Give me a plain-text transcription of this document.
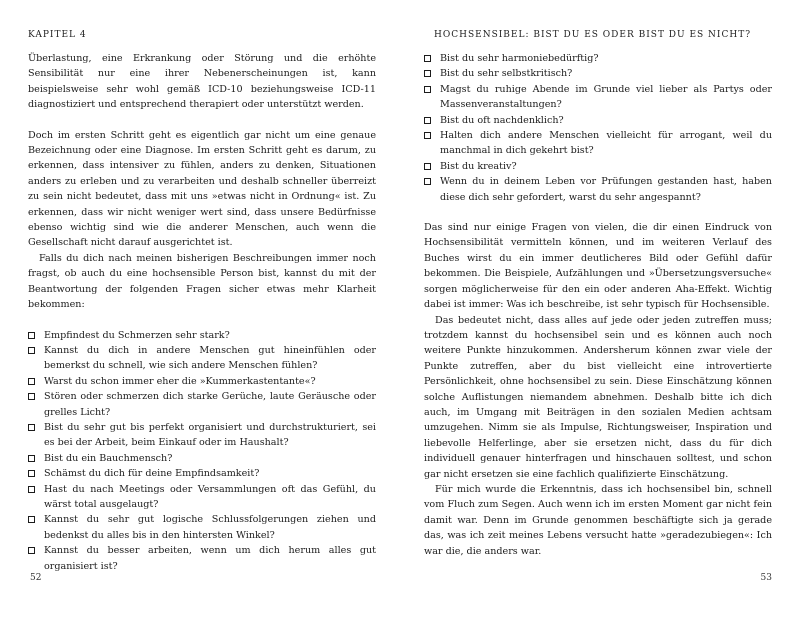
KAPITEL 4

Überlastung, eine Erkrankung oder Störung und die erhöhte Sensibilität nur eine ihrer Nebenerscheinungen ist, kann beispielsweise sehr wohl gemäß ICD-10 beziehungsweise ICD-11 diagnostiziert und entsprechend therapiert oder unterstützt werden.

Doch im ersten Schritt geht es eigentlich gar nicht um eine genaue Bezeichnung oder eine Diagnose. Im ersten Schritt geht es darum, zu erkennen, dass intensiver zu fühlen, anders zu denken, Situationen anders zu erleben und zu verarbeiten und deshalb schneller überreizt zu sein nicht bedeutet, dass mit uns »etwas nicht in Ordnung« ist. Zu erkennen, dass wir nicht weniger wert sind, dass unsere Bedürfnisse ebenso wichtig sind wie die anderer Menschen, auch wenn die Gesellschaft nicht darauf ausgerichtet ist.

Falls du dich nach meinen bisherigen Beschreibungen immer noch fragst, ob auch du eine hochsensible Person bist, kannst du mit der Beantwortung der folgenden Fragen sicher etwas mehr Klarheit bekommen:

Empfindest du Schmerzen sehr stark?
Kannst du dich in andere Menschen gut hineinfühlen oder bemerkst du schnell, wie sich andere Menschen fühlen?
Warst du schon immer eher die »Kummerkastentante«?
Stören oder schmerzen dich starke Gerüche, laute Geräusche oder grelles Licht?
Bist du sehr gut bis perfekt organisiert und durchstrukturiert, sei es bei der Arbeit, beim Einkauf oder im Haushalt?
Bist du ein Bauchmensch?
Schämst du dich für deine Empfindsamkeit?
Hast du nach Meetings oder Versammlungen oft das Gefühl, du wärst total ausgelaugt?
Kannst du sehr gut logische Schlussfolgerungen ziehen und bedenkst du alles bis in den hintersten Winkel?
Kannst du besser arbeiten, wenn um dich herum alles gut organisiert ist?
52
HOCHSENSIBEL: BIST DU ES ODER BIST DU ES NICHT?
Bist du sehr harmoniebedürftig?
Bist du sehr selbstkritisch?
Magst du ruhige Abende im Grunde viel lieber als Partys oder Massenveranstaltungen?
Bist du oft nachdenklich?
Halten dich andere Menschen vielleicht für arrogant, weil du manchmal in dich gekehrt bist?
Bist du kreativ?
Wenn du in deinem Leben vor Prüfungen gestanden hast, haben diese dich sehr gefordert, warst du sehr angespannt?

Das sind nur einige Fragen von vielen, die dir einen Eindruck von Hochsensibilität vermitteln können, und im weiteren Verlauf des Buches wirst du ein immer deutlicheres Bild oder Gefühl dafür bekommen. Die Beispiele, Aufzählungen und »Übersetzungsversuche« sorgen möglicherweise für den ein oder anderen Aha-Effekt. Wichtig dabei ist immer: Was ich beschreibe, ist sehr typisch für Hochsensible.

Das bedeutet nicht, dass alles auf jede oder jeden zutreffen muss; trotzdem kannst du hochsensibel sein und es können auch noch weitere Punkte hinzukommen. Andersherum können zwar viele der Punkte zutreffen, aber du bist vielleicht eine introvertierte Persönlichkeit, ohne hochsensibel zu sein. Diese Einschätzung können solche Auflistungen niemandem abnehmen. Deshalb bitte ich dich auch, im Umgang mit Beiträgen in den sozialen Medien achtsam umzugehen. Nimm sie als Impulse, Richtungsweiser, Inspiration und liebevolle Helferlinge, aber sie ersetzen nicht, dass du für dich individuell genauer hinterfragen und hinschauen solltest, und schon gar nicht ersetzen sie eine fachlich qualifizierte Einschätzung.

Für mich wurde die Erkenntnis, dass ich hochsensibel bin, schnell vom Fluch zum Segen. Auch wenn ich im ersten Moment gar nicht fein damit war. Denn im Grunde genommen beschäftigte sich ja gerade das, was ich zeit meines Lebens versucht hatte »geradezubiegen«: Ich war die, die anders war.

53
